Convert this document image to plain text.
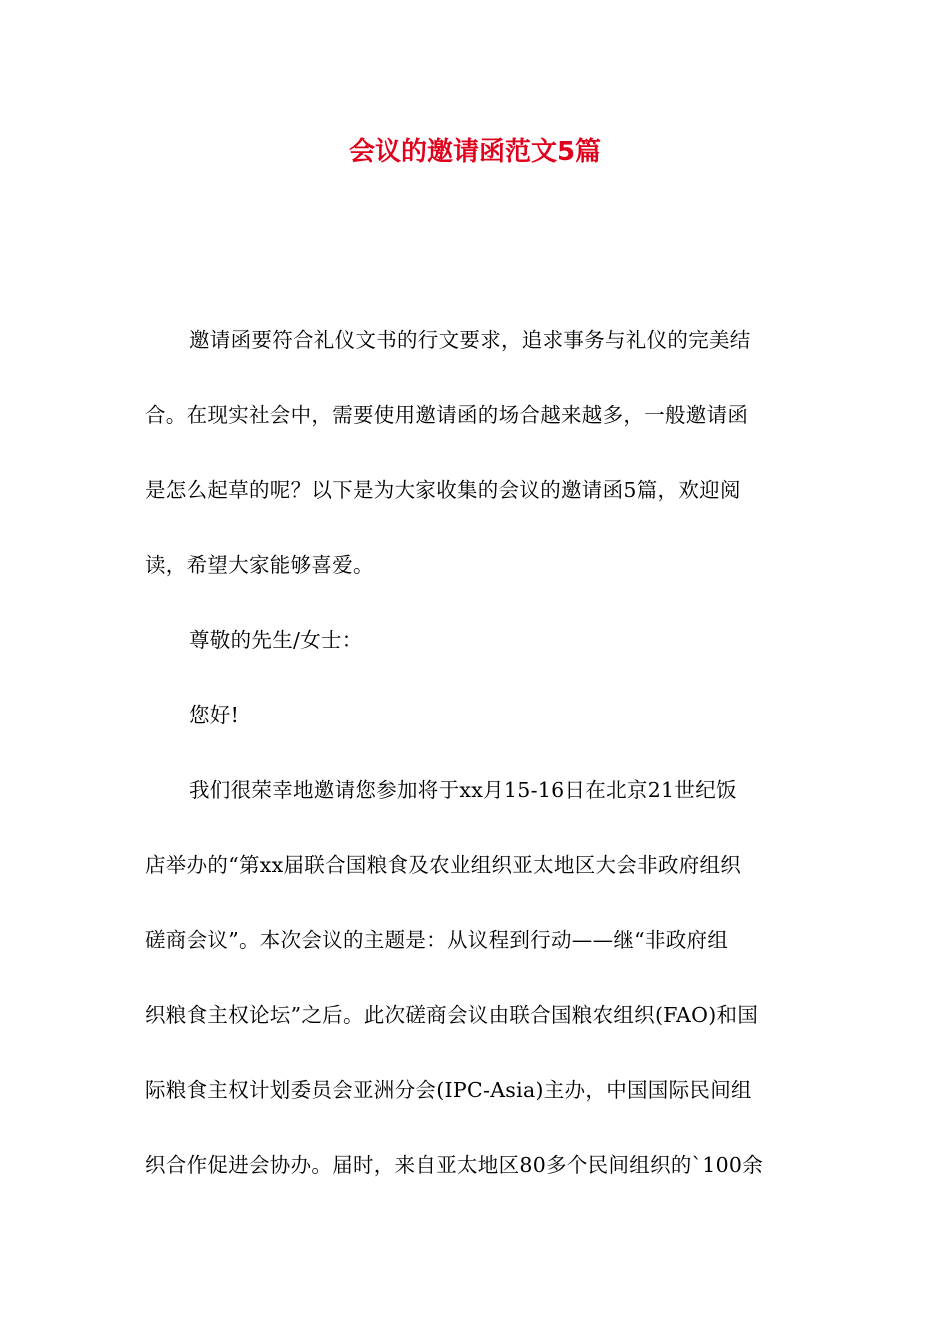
会议的邀请函范文5篇
邀请函要符合礼仪文书的行文要求，追求事务与礼仪的完美结
合。在现实社会中，需要使用邀请函的场合越来越多，一般邀请函
是怎么起草的呢？以下是为大家收集的会议的邀请函5篇，欢迎阅
读，希望大家能够喜爱。
尊敬的先生/女士：
您好!
我们很荣幸地邀请您参加将于xx月15-16日在北京21世纪饭
店举办的“第xx届联合国粮食及农业组织亚太地区大会非政府组织
磋商会议”。本次会议的主题是：从议程到行动——继“非政府组
织粮食主权论坛”之后。此次磋商会议由联合国粮农组织(FAO)和国
际粮食主权计划委员会亚洲分会(IPC-Asia)主办，中国国际民间组
织合作促进会协办。届时，来自亚太地区80多个民间组织的`100余
